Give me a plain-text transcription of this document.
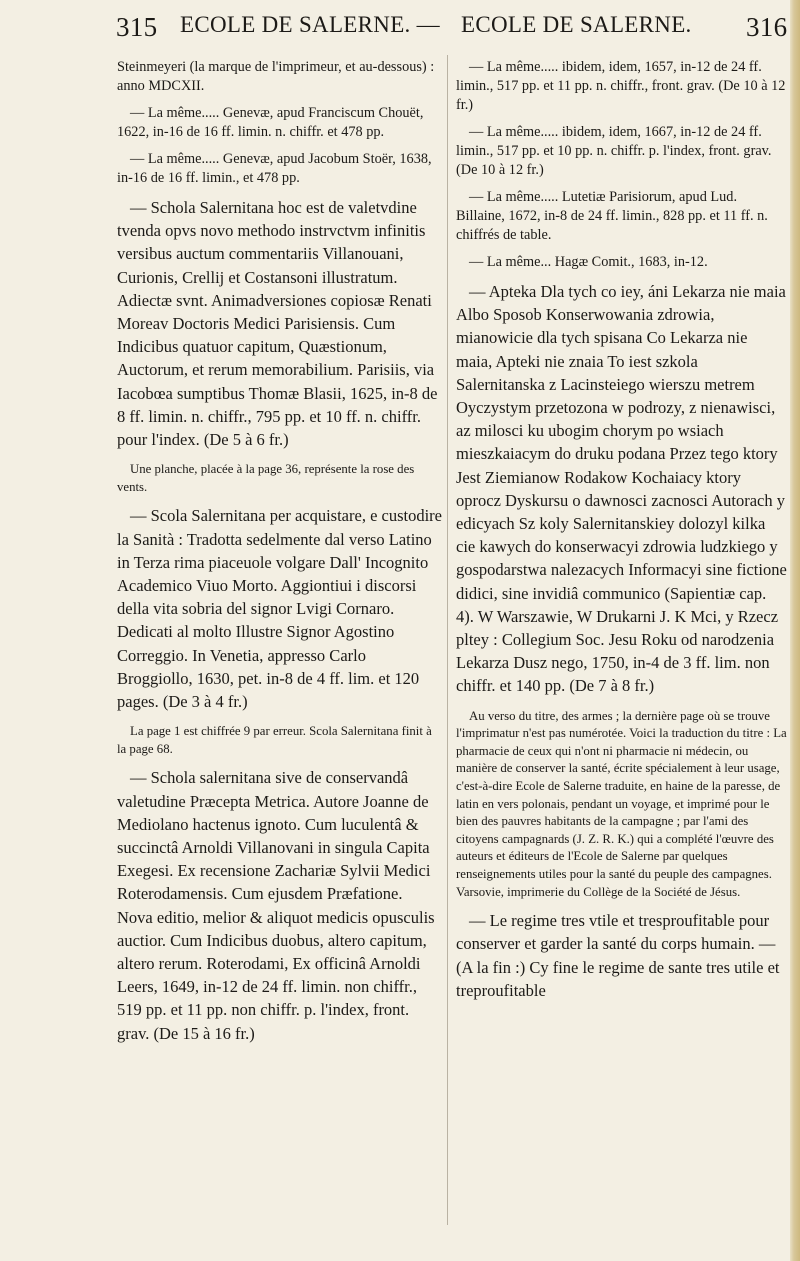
315 ECOLE DE SALERNE. — ECOLE DE SALERNE. 316

Steinmeyeri (la marque de l'imprimeur, et au-dessous) : anno MDCXII.

— La même..... Genevæ, apud Franciscum Chouët, 1622, in-16 de 16 ff. limin. n. chiffr. et 478 pp.

— La même..... Genevæ, apud Jacobum Stoër, 1638, in-16 de 16 ff. limin., et 478 pp.

— Schola Salernitana hoc est de valetvdine tvenda opvs novo methodo instrvctvm infinitis versibus auctum commentariis Villanouani, Curionis, Crellij et Costansoni illustratum. Adiectæ svnt. Animadversiones copiosæ Renati Moreav Doctoris Medici Parisiensis. Cum Indicibus quatuor capitum, Quæstionum, Auctorum, et rerum memorabilium. Parisiis, via Iacobœa sumptibus Thomæ Blasii, 1625, in-8 de 8 ff. limin. n. chiffr., 795 pp. et 10 ff. n. chiffr. pour l'index. (De 5 à 6 fr.)

Une planche, placée à la page 36, représente la rose des vents.

— Scola Salernitana per acquistare, e custodire la Sanità : Tradotta sedelmente dal verso Latino in Terza rima piaceuole volgare Dall' Incognito Academico Viuo Morto. Aggiontiui i discorsi della vita sobria del signor Lvigi Cornaro. Dedicati al molto Illustre Signor Agostino Correggio. In Venetia, appresso Carlo Broggiollo, 1630, pet. in-8 de 4 ff. lim. et 120 pages. (De 3 à 4 fr.)

La page 1 est chiffrée 9 par erreur. Scola Salernitana finit à la page 68.

— Schola salernitana sive de conservandâ valetudine Præcepta Metrica. Autore Joanne de Mediolano hactenus ignoto. Cum luculentâ & succinctâ Arnoldi Villanovani in singula Capita Exegesi. Ex recensione Zachariæ Sylvii Medici Roterodamensis. Cum ejusdem Præfatione. Nova editio, melior & aliquot medicis opusculis auctior. Cum Indicibus duobus, altero capitum, altero rerum. Roterodami, Ex officinâ Arnoldi Leers, 1649, in-12 de 24 ff. limin. non chiffr., 519 pp. et 11 pp. non chiffr. p. l'index, front. grav. (De 15 à 16 fr.)

— La même..... ibidem, idem, 1657, in-12 de 24 ff. limin., 517 pp. et 11 pp. n. chiffr., front. grav. (De 10 à 12 fr.)

— La même..... ibidem, idem, 1667, in-12 de 24 ff. limin., 517 pp. et 10 pp. n. chiffr. p. l'index, front. grav. (De 10 à 12 fr.)

— La même..... Lutetiæ Parisiorum, apud Lud. Billaine, 1672, in-8 de 24 ff. limin., 828 pp. et 11 ff. n. chiffrés de table.

— La même... Hagæ Comit., 1683, in-12.

— Apteka Dla tych co iey, áni Lekarza nie maia Albo Sposob Konserwowania zdrowia, mianowicie dla tych spisana Co Lekarza nie maia, Apteki nie znaia To iest szkola Salernitanska z Lacinsteiego wierszu metrem Oyczystym przetozona w podrozy, z nienawisci, az milosci ku ubogim chorym po wsiach mieszkaiacym do druku podana Przez tego ktory Jest Ziemianow Rodakow Kochaiacy ktory oprocz Dyskursu o dawnosci zacnosci Autorach y edicyach Sz koly Salernitanskiey dolozyl kilka cie kawych do konserwacyi zdrowia ludzkiego y gospodarstwa nalezacych Informacyi sine fictione didici, sine invidiâ communico (Sapientiæ cap. 4). W Warszawie, W Drukarni J. K Mci, y Rzecz pltey : Collegium Soc. Jesu Roku od narodzenia Lekarza Dusz nego, 1750, in-4 de 3 ff. lim. non chiffr. et 140 pp. (De 7 à 8 fr.)

Au verso du titre, des armes ; la dernière page où se trouve l'imprimatur n'est pas numérotée. Voici la traduction du titre : La pharmacie de ceux qui n'ont ni pharmacie ni médecin, ou manière de conserver la santé, écrite spécialement à leur usage, c'est-à-dire Ecole de Salerne traduite, en haine de la paresse, de latin en vers polonais, pendant un voyage, et imprimé pour le bien des pauvres habitants de la campagne ; par l'ami des citoyens campagnards (J. Z. R. K.) qui a complété l'œuvre des auteurs et éditeurs de l'Ecole de Salerne par quelques renseignements utiles pour la santé du peuple des campagnes. Varsovie, imprimerie du Collège de la Société de Jésus.

— Le regime tres vtile et tresproufitable pour conserver et garder la santé du corps humain. — (A la fin :) Cy fine le regime de sante tres utile et treproufitable
